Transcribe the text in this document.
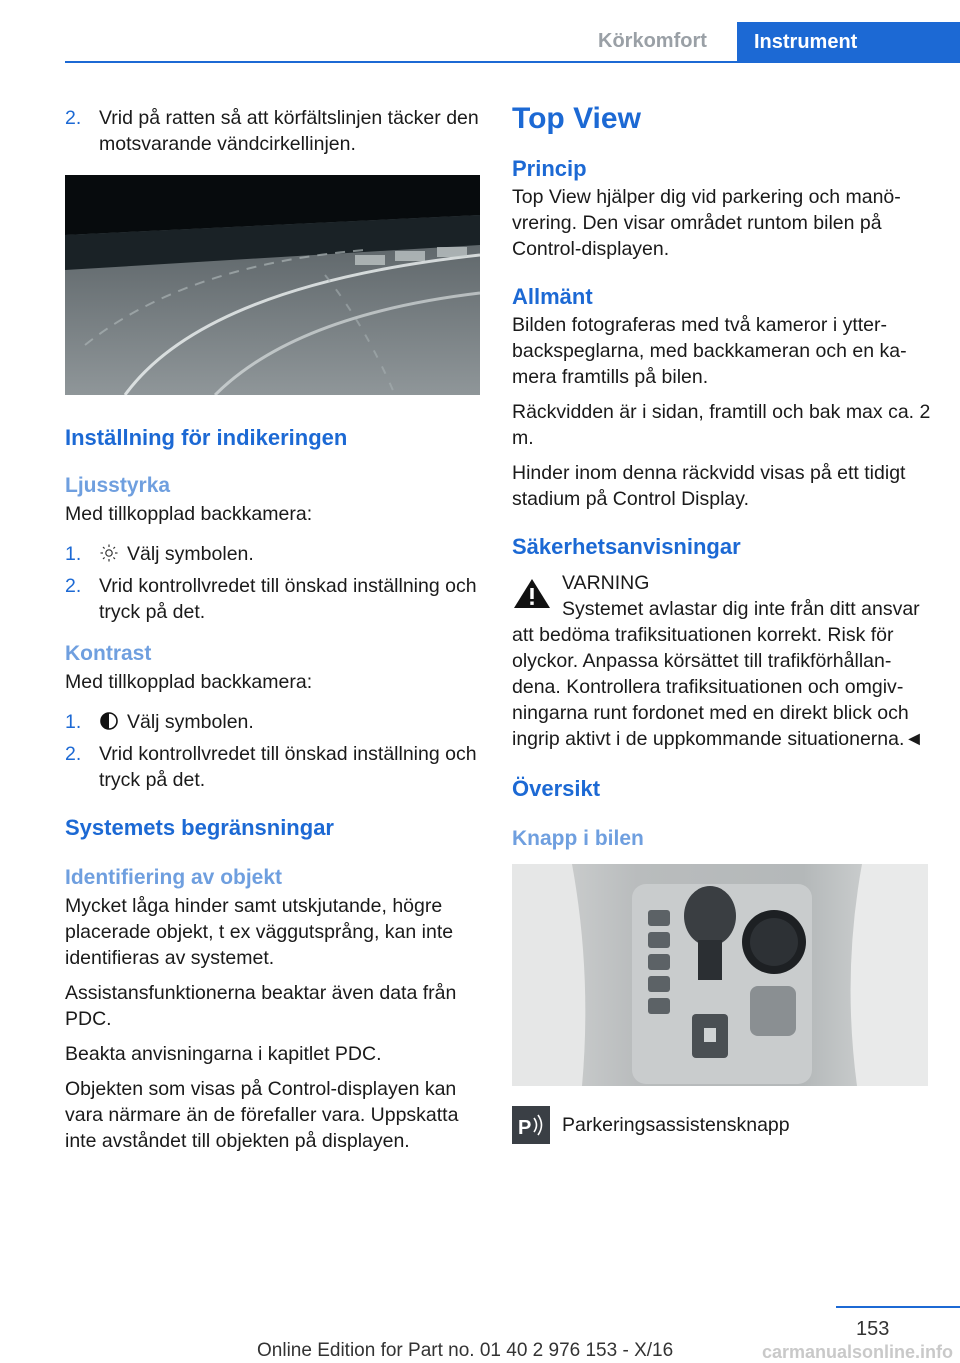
Körkomfort Instrument
2. Vrid på ratten så att körfältslinjen täcker den motsvarande vändcirkellinjen.
Inställning för indikeringen
Ljusstyrka

Med tillkopplad backkamera:

1. Välj symbolen.
2. Vrid kontrollvredet till önskad inställning och tryck på det.
Kontrast

Med tillkopplad backkamera:

1. Välj symbolen.
2. Vrid kontrollvredet till önskad inställning och tryck på det.
Systemets begränsningar
Identifiering av objekt

Mycket låga hinder samt utskjutande, högre placerade objekt, t ex väggutsprång, kan inte identifieras av systemet.

Assistansfunktionerna beaktar även data från PDC.

Beakta anvisningarna i kapitlet PDC.

Objekten som visas på Control-displayen kan vara närmare än de förefaller vara. Uppskatta inte avståndet till objekten på displayen.

Top View
Princip

Top View hjälper dig vid parkering och manövrering. Den visar området runtom bilen på Control-displayen.

Allmänt

Bilden fotograferas med två kameror i ytterbackspeglarna, med backkameran och en kamera framtills på bilen.

Räckvidden är i sidan, framtill och bak max ca. 2 m.

Hinder inom denna räckvidd visas på ett tidigt stadium på Control Display.

Säkerhetsanvisningar

VARNING

Systemet avlastar dig inte från ditt ansvar

att bedöma trafiksituationen korrekt. Risk för olyckor. Anpassa körsättet till trafikförhållandena. Kontrollera trafiksituationen och omgivningarna runt fordonet med en direkt blick och ingrip aktivt i de uppkommande situationerna.◄

Översikt
Knapp i bilen
P Parkeringsassistensknapp

153
Online Edition for Part no. 01 40 2 976 153 - X/16	carmanualsonline.info
